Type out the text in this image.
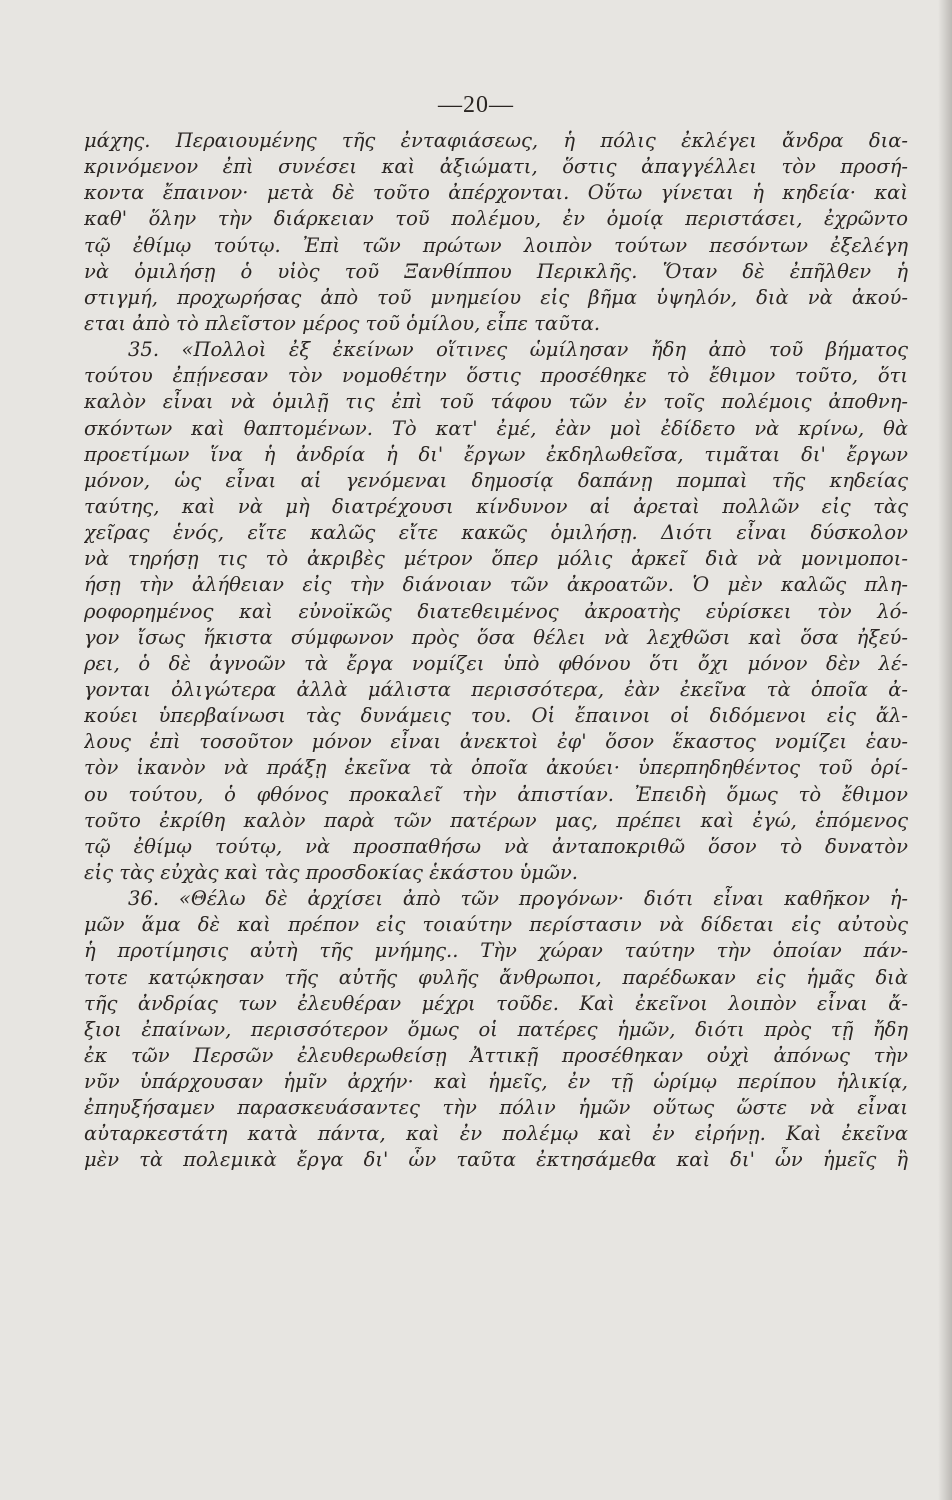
—20—
μάχης. Περαιουμένης τῆς ἐνταφιάσεως, ἡ πόλις ἐκλέγει ἄνδρα δια-
κρινόμενον ἐπὶ συνέσει καὶ ἀξιώματι, ὅστις ἀπαγγέλλει τὸν προσή-
κοντα ἔπαινον· μετὰ δὲ τοῦτο ἀπέρχονται. Οὕτω γίνεται ἡ κηδεία· καὶ
καθ' ὅλην τὴν διάρκειαν τοῦ πολέμου, ἐν ὁμοίᾳ περιστάσει, ἐχρῶντο
τῷ ἐθίμῳ τούτῳ. Ἐπὶ τῶν πρώτων λοιπὸν τούτων πεσόντων ἐξελέγη
νὰ ὁμιλήσῃ ὁ υἱὸς τοῦ Ξανθίππου Περικλῆς. Ὅταν δὲ ἐπῆλθεν ἡ
στιγμή, προχωρήσας ἀπὸ τοῦ μνημείου εἰς βῆμα ὑψηλόν, διὰ νὰ ἀκού-
εται ἀπὸ τὸ πλεῖστον μέρος τοῦ ὁμίλου, εἶπε ταῦτα.
35. «Πολλοὶ ἐξ ἐκείνων οἵτινες ὡμίλησαν ἤδη ἀπὸ τοῦ βήματος
τούτου ἐπῄνεσαν τὸν νομοθέτην ὅστις προσέθηκε τὸ ἔθιμον τοῦτο, ὅτι
καλὸν εἶναι νὰ ὁμιλῇ τις ἐπὶ τοῦ τάφου τῶν ἐν τοῖς πολέμοις ἀποθνη-
σκόντων καὶ θαπτομένων. Τὸ κατ' ἐμέ, ἐὰν μοὶ ἐδίδετο νὰ κρίνω, θὰ
προετίμων ἵνα ἡ ἀνδρία ἡ δι' ἔργων ἐκδηλωθεῖσα, τιμᾶται δι' ἔργων
μόνον, ὡς εἶναι αἱ γενόμεναι δημοσίᾳ δαπάνῃ πομπαὶ τῆς κηδείας
ταύτης, καὶ νὰ μὴ διατρέχουσι κίνδυνον αἱ ἀρεταὶ πολλῶν εἰς τὰς
χεῖρας ἑνός, εἴτε καλῶς εἴτε κακῶς ὁμιλήσῃ. Διότι εἶναι δύσκολον
νὰ τηρήσῃ τις τὸ ἀκριβὲς μέτρον ὅπερ μόλις ἀρκεῖ διὰ νὰ μονιμοποι-
ήσῃ τὴν ἀλήθειαν εἰς τὴν διάνοιαν τῶν ἀκροατῶν. Ὁ μὲν καλῶς πλη-
ροφορημένος καὶ εὐνοϊκῶς διατεθειμένος ἀκροατὴς εὑρίσκει τὸν λό-
γον ἴσως ἥκιστα σύμφωνον πρὸς ὅσα θέλει νὰ λεχθῶσι καὶ ὅσα ἠξεύ-
ρει, ὁ δὲ ἀγνοῶν τὰ ἔργα νομίζει ὑπὸ φθόνου ὅτι ὄχι μόνον δὲν λέ-
γονται ὀλιγώτερα ἀλλὰ μάλιστα περισσότερα, ἐὰν ἐκεῖνα τὰ ὁποῖα ἀ-
κούει ὑπερβαίνωσι τὰς δυνάμεις του. Οἱ ἔπαινοι οἱ διδόμενοι εἰς ἄλ-
λους ἐπὶ τοσοῦτον μόνον εἶναι ἀνεκτοὶ ἐφ' ὅσον ἕκαστος νομίζει ἑαυ-
τὸν ἱκανὸν νὰ πράξῃ ἐκεῖνα τὰ ὁποῖα ἀκούει· ὑπερπηδηθέντος τοῦ ὁρί-
ου τούτου, ὁ φθόνος προκαλεῖ τὴν ἀπιστίαν. Ἐπειδὴ ὅμως τὸ ἔθιμον
τοῦτο ἐκρίθη καλὸν παρὰ τῶν πατέρων μας, πρέπει καὶ ἐγώ, ἑπόμενος
τῷ ἐθίμῳ τούτῳ, νὰ προσπαθήσω νὰ ἀνταποκριθῶ ὅσον τὸ δυνατὸν
εἰς τὰς εὐχὰς καὶ τὰς προσδοκίας ἑκάστου ὑμῶν.
36. «Θέλω δὲ ἀρχίσει ἀπὸ τῶν προγόνων· διότι εἶναι καθῆκον ἡ-
μῶν ἅμα δὲ καὶ πρέπον εἰς τοιαύτην περίστασιν νὰ δίδεται εἰς αὐτοὺς
ἡ προτίμησις αὐτὴ τῆς μνήμης.. Τὴν χώραν ταύτην τὴν ὁποίαν πάν-
τοτε κατῴκησαν τῆς αὐτῆς φυλῆς ἄνθρωποι, παρέδωκαν εἰς ἡμᾶς διὰ
τῆς ἀνδρίας των ἐλευθέραν μέχρι τοῦδε. Καὶ ἐκεῖνοι λοιπὸν εἶναι ἄ-
ξιοι ἐπαίνων, περισσότερον ὅμως οἱ πατέρες ἡμῶν, διότι πρὸς τῇ ἤδη
ἐκ τῶν Περσῶν ἐλευθερωθείσῃ Ἀττικῇ προσέθηκαν οὐχὶ ἀπόνως τὴν
νῦν ὑπάρχουσαν ἡμῖν ἀρχήν· καὶ ἡμεῖς, ἐν τῇ ὡρίμῳ περίπου ἡλικίᾳ,
ἐπηυξήσαμεν παρασκευάσαντες τὴν πόλιν ἡμῶν οὕτως ὥστε νὰ εἶναι
αὐταρκεστάτη κατὰ πάντα, καὶ ἐν πολέμῳ καὶ ἐν εἰρήνῃ. Καὶ ἐκεῖνα
μὲν τὰ πολεμικὰ ἔργα δι' ὧν ταῦτα ἐκτησάμεθα καὶ δι' ὧν ἡμεῖς ἢ
